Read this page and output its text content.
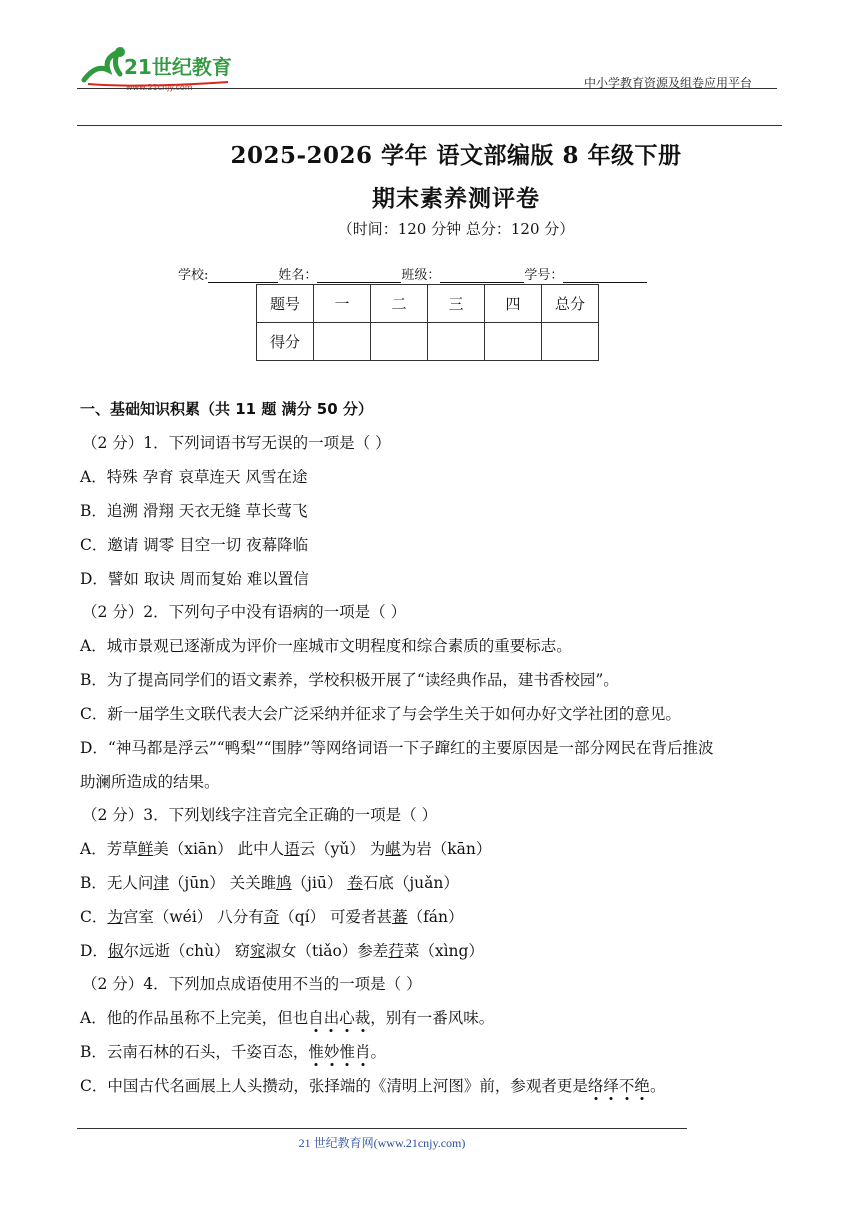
21世纪教育
www.21cnjy.com	中小学教育资源及组卷应用平台
2025-2026 学年 语文部编版 8 年级下册
期末素养测评卷
（时间：120 分钟 总分：120 分）
学校:	姓名：	班级：	学号：
题号	一	二	三	四	总分
得分					
一、基础知识积累（共 11 题 满分 50 分）
（2 分）1．下列词语书写无误的一项是（ ）
A．特殊 孕育 哀草连天 风雪在途
B．追溯 滑翔 天衣无缝 草长莺飞
C．邀请 调零 目空一切 夜幕降临
D．譬如 取诀 周而复始 难以置信
（2 分）2．下列句子中没有语病的一项是（ ）
A．城市景观已逐渐成为评价一座城市文明程度和综合素质的重要标志。
B．为了提高同学们的语文素养，学校积极开展了“读经典作品，建书香校园”。
C．新一届学生文联代表大会广泛采纳并征求了与会学生关于如何办好文学社团的意见。
D．“神马都是浮云”“鸭梨”“围脖”等网络词语一下子蹿红的主要原因是一部分网民在背后推波
助澜所造成的结果。
（2 分）3．下列划线字注音完全正确的一项是（ ）
A．芳草鲜美（xiān） 此中人语云（yǔ） 为嵁为岩（kān）
B．无人问津（jūn） 关关雎鸠（jiū） 卷石底（juǎn）
C．为宫室（wéi） 八分有奇（qí） 可爱者甚蕃（fán）
D．俶尔远逝（chù） 窈窕淑女（tiǎo）参差荇菜（xìng）
（2 分）4．下列加点成语使用不当的一项是（ ）
A．他的作品虽称不上完美，但也自出心裁，别有一番风味。
B．云南石林的石头，千姿百态，惟妙惟肖。
C．中国古代名画展上人头攒动，张择端的《清明上河图》前，参观者更是络绎不绝。
21 世纪教育网(www.21cnjy.com)
